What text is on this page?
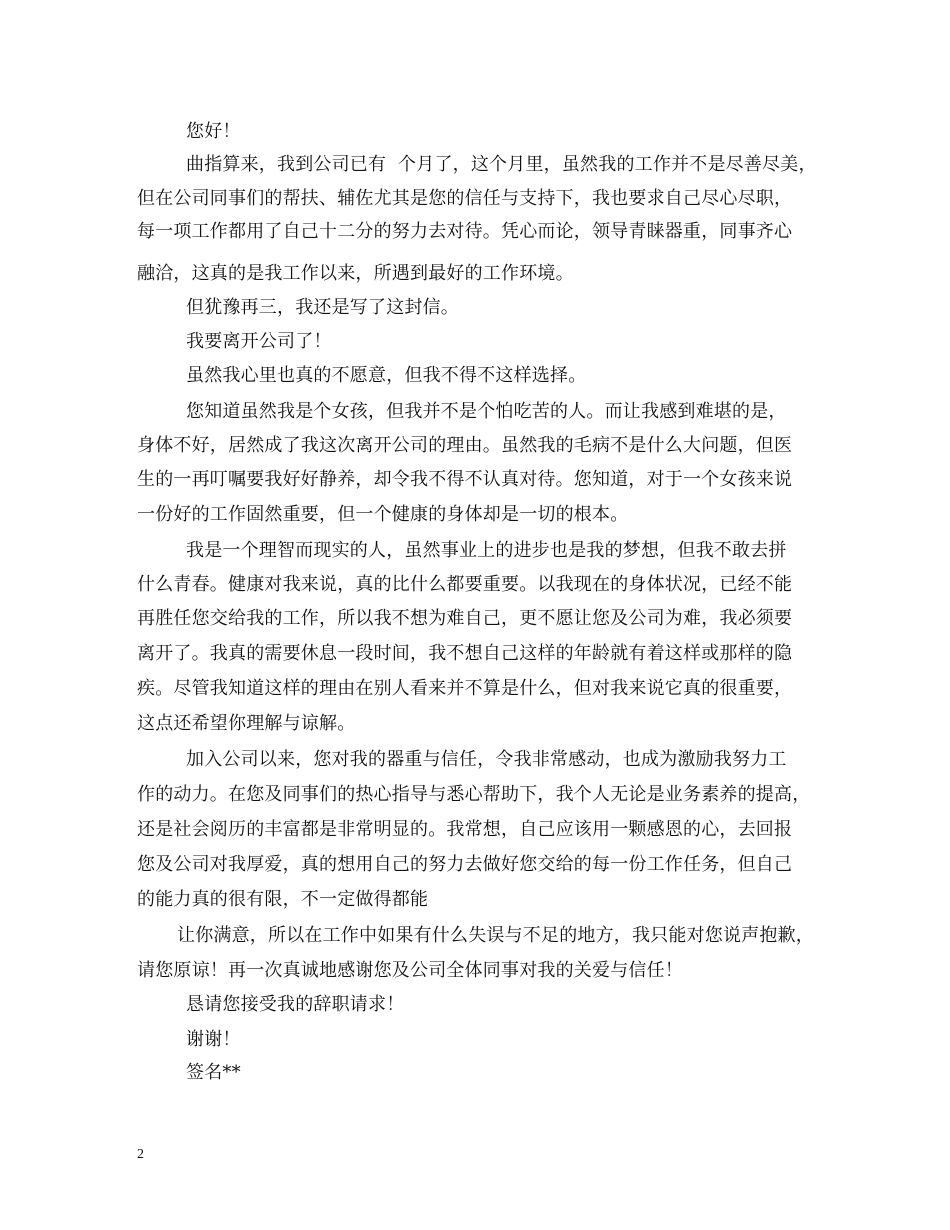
您好！
曲指算来，我到公司已有  个月了，这个月里，虽然我的工作并不是尽善尽美，
但在公司同事们的帮扶、辅佐尤其是您的信任与支持下，我也要求自己尽心尽职，
每一项工作都用了自己十二分的努力去对待。凭心而论，领导青睐器重，同事齐心
融洽，这真的是我工作以来，所遇到最好的工作环境。
但犹豫再三，我还是写了这封信。
我要离开公司了！
虽然我心里也真的不愿意，但我不得不这样选择。
您知道虽然我是个女孩，但我并不是个怕吃苦的人。而让我感到难堪的是，
身体不好，居然成了我这次离开公司的理由。虽然我的毛病不是什么大问题，但医
生的一再叮嘱要我好好静养，却令我不得不认真对待。您知道，对于一个女孩来说
一份好的工作固然重要，但一个健康的身体却是一切的根本。
我是一个理智而现实的人，虽然事业上的进步也是我的梦想，但我不敢去拼
什么青春。健康对我来说，真的比什么都要重要。以我现在的身体状况，已经不能
再胜任您交给我的工作，所以我不想为难自己，更不愿让您及公司为难，我必须要
离开了。我真的需要休息一段时间，我不想自己这样的年龄就有着这样或那样的隐
疾。尽管我知道这样的理由在别人看来并不算是什么，但对我来说它真的很重要，
这点还希望你理解与谅解。
加入公司以来，您对我的器重与信任，令我非常感动，也成为激励我努力工
作的动力。在您及同事们的热心指导与悉心帮助下，我个人无论是业务素养的提高，
还是社会阅历的丰富都是非常明显的。我常想，自己应该用一颗感恩的心，去回报
您及公司对我厚爱，真的想用自己的努力去做好您交给的每一份工作任务，但自己
的能力真的很有限，不一定做得都能
让你满意，所以在工作中如果有什么失误与不足的地方，我只能对您说声抱歉，
请您原谅！再一次真诚地感谢您及公司全体同事对我的关爱与信任！
恳请您接受我的辞职请求！
谢谢！
签名**
2
